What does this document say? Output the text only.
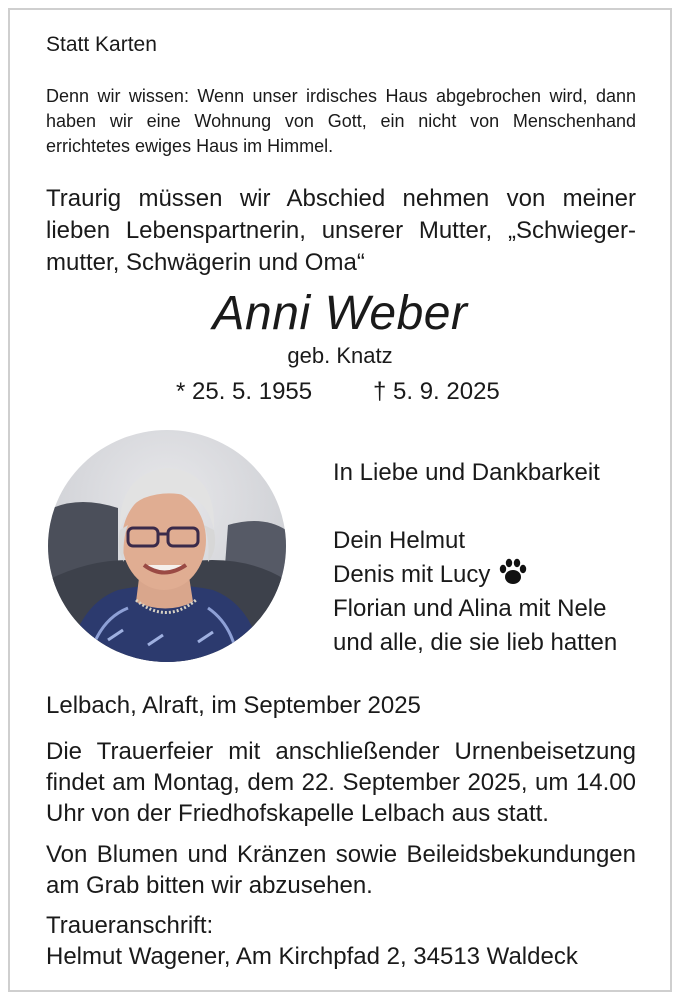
Statt Karten

Denn wir wissen: Wenn unser irdisches Haus abgebrochen wird, dann haben wir eine Wohnung von Gott, ein nicht von Menschenhand errichtetes ewiges Haus im Himmel.

Traurig müssen wir Abschied nehmen von meiner lieben Lebenspartnerin, unserer Mutter, „Schwieger-mutter, Schwägerin und Oma“

Anni Weber

geb. Knatz

* 25. 5. 1955	† 5. 9. 2025
In Liebe und Dankbarkeit
Dein Helmut
Denis mit Lucy
Florian und Alina mit Nele
und alle, die sie lieb hatten

Lelbach, Alraft, im September 2025

Die Trauerfeier mit anschließender Urnenbeisetzung findet am Montag, dem 22. September 2025, um 14.00 Uhr von der Friedhofskapelle Lelbach aus statt.

Von Blumen und Kränzen sowie Beileidsbekundungen am Grab bitten wir abzusehen.

Traueranschrift:

Helmut Wagener, Am Kirchpfad 2, 34513 Waldeck
